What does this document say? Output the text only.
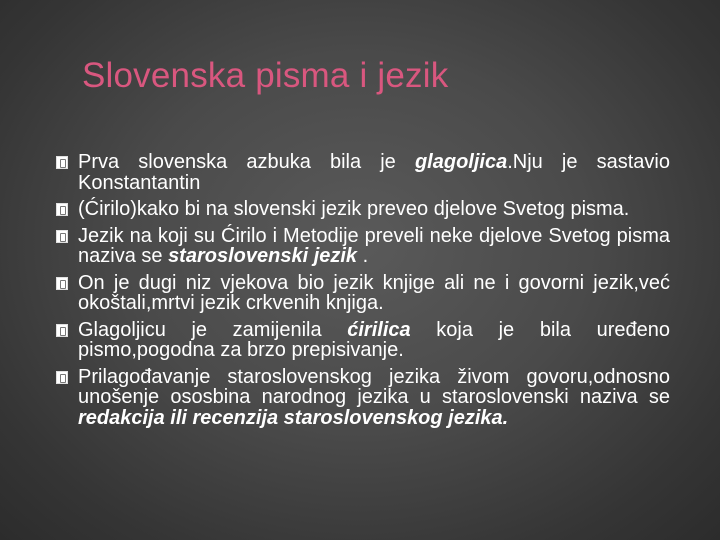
Slovenska pisma i jezik
Prva slovenska azbuka bila je glagoljica.Nju je sastavio Konstantantin
(Ćirilo)kako bi na slovenski jezik preveo djelove Svetog pisma.
Jezik na koji su Ćirilo i Metodije preveli neke djelove Svetog pisma naziva se staroslovenski jezik .
On je dugi niz vjekova bio jezik knjige ali ne i govorni jezik,već okoštali,mrtvi jezik crkvenih knjiga.
Glagoljicu je zamijenila ćirilica koja je bila uređeno pismo,pogodna za brzo prepisivanje.
Prilagođavanje staroslovenskog jezika živom govoru,odnosno unošenje ososbina narodnog jezika u staroslovenski naziva se redakcija ili recenzija staroslovenskog jezika.
